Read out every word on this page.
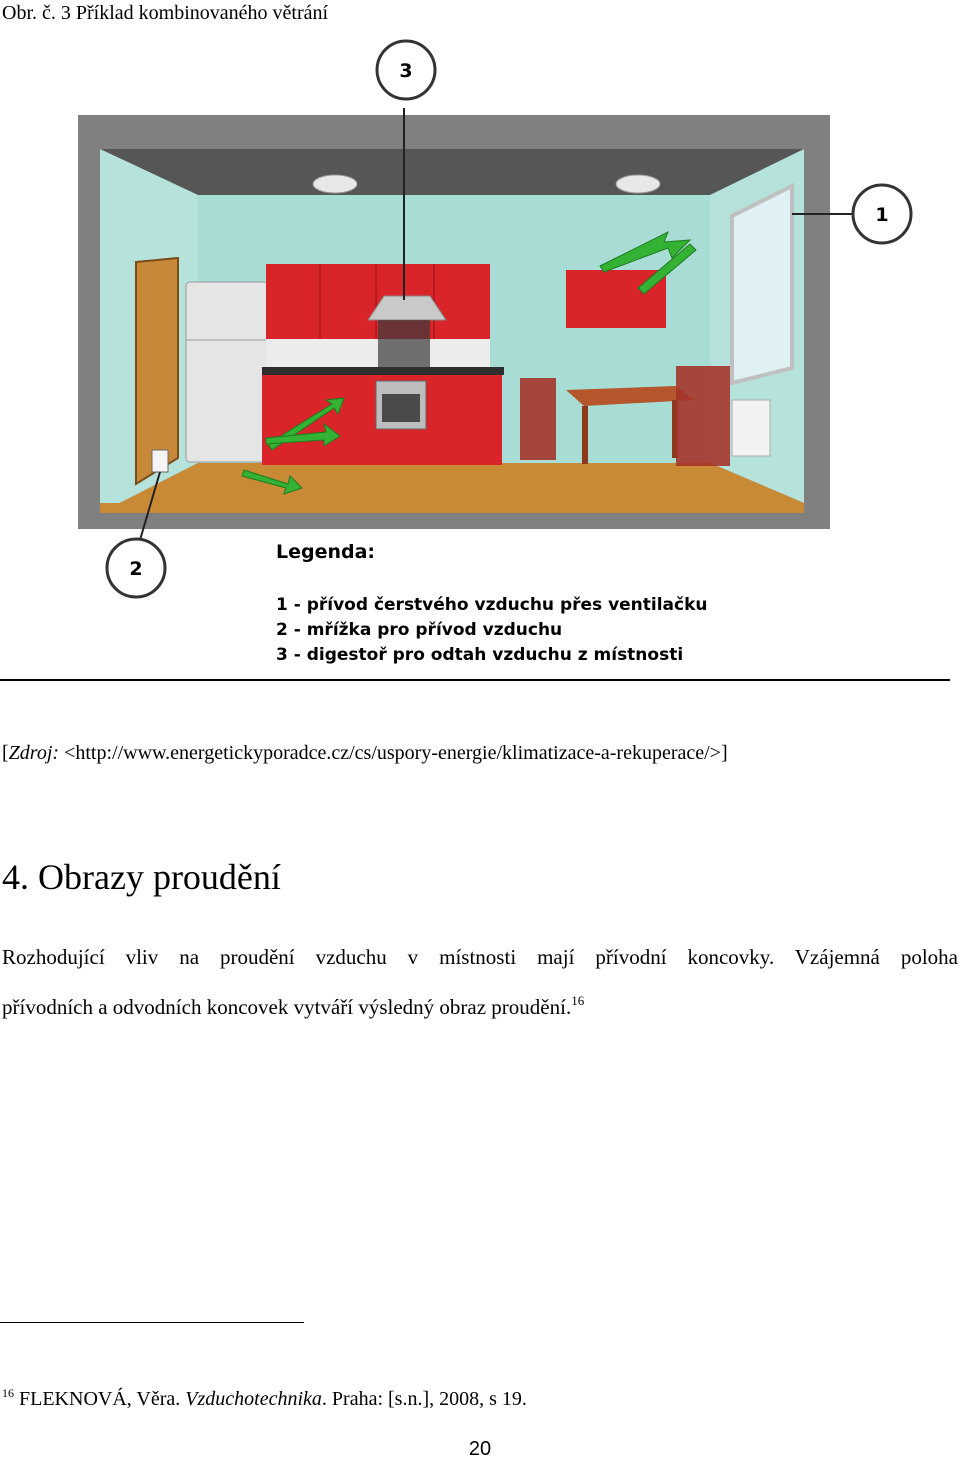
Obr. č. 3 Příklad kombinovaného větrání
3
1
2
Legenda:
1 - přívod čerstvého vzduchu přes ventilačku
2 - mřížka pro přívod vzduchu
3 - digestoř pro odtah vzduchu z místnosti
[Zdroj: <http://www.energetickyporadce.cz/cs/uspory-energie/klimatizace-a-rekuperace/>]
4. Obrazy proudění
Rozhodující vliv na proudění vzduchu v místnosti mají přívodní koncovky. Vzájemná poloha
přívodních a odvodních koncovek vytváří výsledný obraz proudění.$^{16}$
$^{16}$ FLEKNOVÁ, Věra. Vzduchotechnika. Praha: [s.n.], 2008, s 19.
20
